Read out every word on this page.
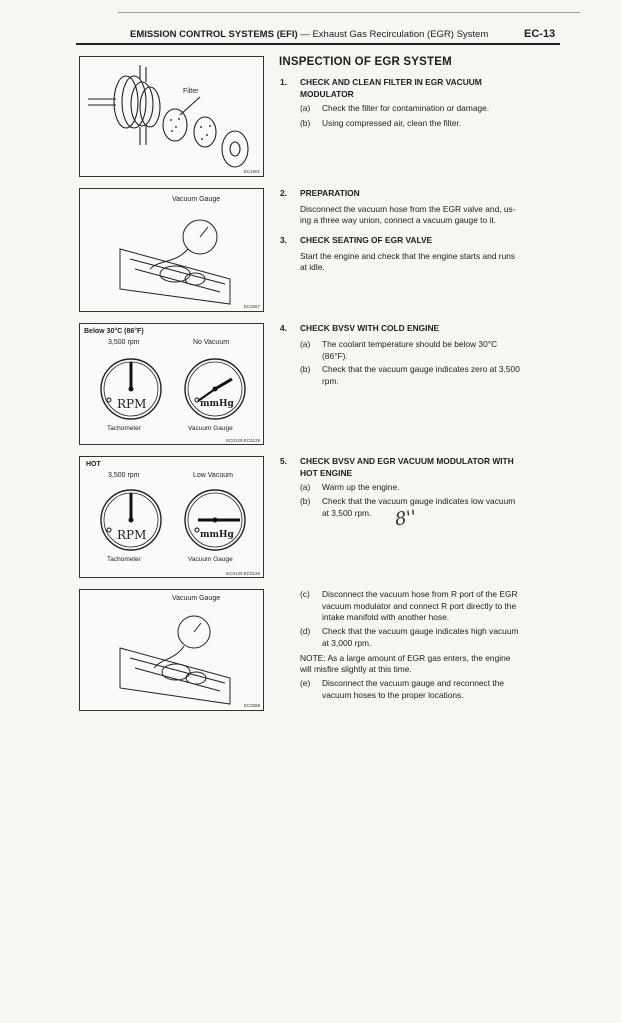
EMISSION CONTROL SYSTEMS (EFI) — Exhaust Gas Recirculation (EGR) System	EC-13
Filter
EC1901
Vacuum Gauge
EC2567
Below 30°C (86°F)
3,500 rpm	No Vacuum
RPM	mmHg
Tachometer	Vacuum Gauge
EC0129 EC0128
HOT
3,500 rpm	Low Vacuum
RPM	mmHg
Tachometer	Vacuum Gauge
EC0130 EC0128
Vacuum Gauge
EC2568
INSPECTION OF EGR SYSTEM
1. CHECK AND CLEAN FILTER IN EGR VACUUM
MODULATOR
(a) Check the filter for contamination or damage.
(b) Using compressed air, clean the filter.
2. PREPARATION
Disconnect the vacuum hose from the EGR valve and, us-
ing a three way union, connect a vacuum gauge to it.
3. CHECK SEATING OF EGR VALVE
Start the engine and check that the engine starts and runs
at idle.
4. CHECK BVSV WITH COLD ENGINE
(a) The coolant temperature should be below 30°C
(86°F).
(b) Check that the vacuum gauge indicates zero at 3,500
rpm.
5. CHECK BVSV AND EGR VACUUM MODULATOR WITH
HOT ENGINE
(a) Warm up the engine.
(b) Check that the vacuum gauge indicates low vacuum
at 3,500 rpm. 8''
(c) Disconnect the vacuum hose from R port of the EGR
vacuum modulator and connect R port directly to the
intake manifold with another hose.
(d) Check that the vacuum gauge indicates high vacuum
at 3,000 rpm.
NOTE: As a large amount of EGR gas enters, the engine
will misfire slightly at this time.
(e) Disconnect the vacuum gauge and reconnect the
vacuum hoses to the proper locations.
